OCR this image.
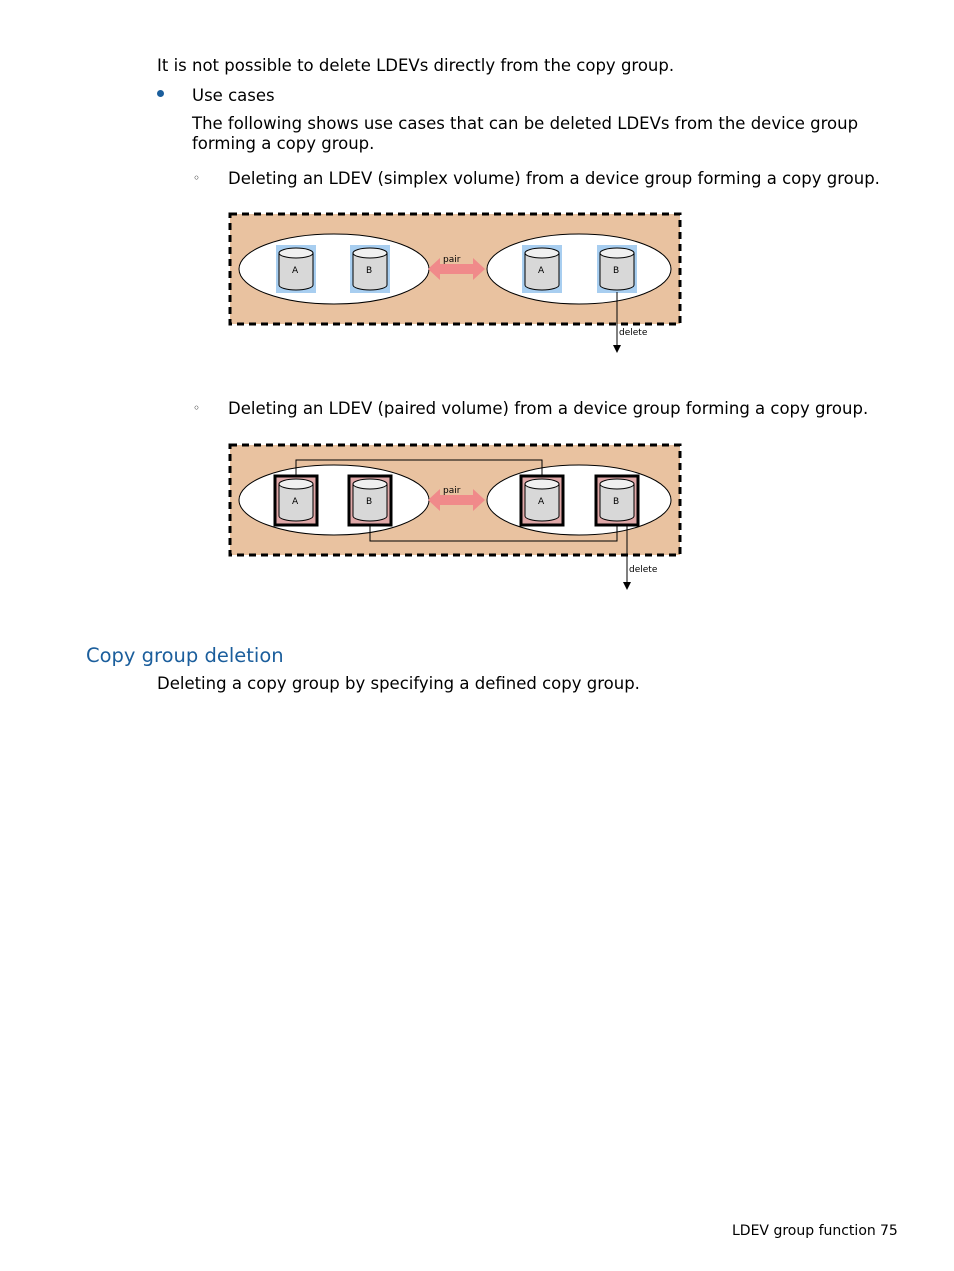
It is not possible to delete LDEVs directly from the copy group.
Use cases
The following shows use cases that can be deleted LDEVs from the device group forming a copy group.
◦ Deleting an LDEV (simplex volume) from a device group forming a copy group.
pair
A	B	A	B
delete
◦ Deleting an LDEV (paired volume) from a device group forming a copy group.
pair
A	B	A	B
delete
Copy group deletion
Deleting a copy group by specifying a defined copy group.
LDEV group function 75
